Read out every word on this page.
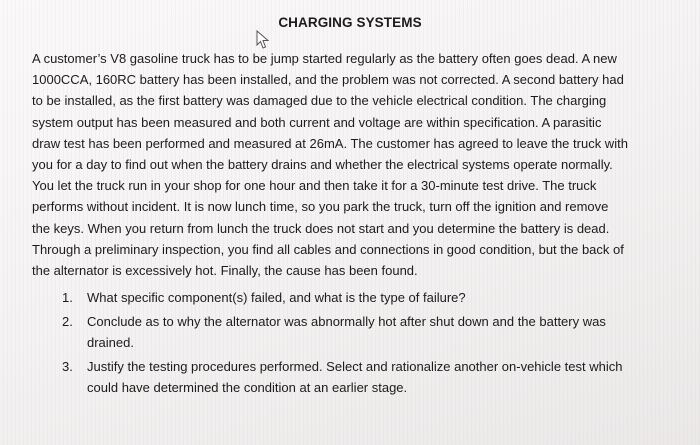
CHARGING SYSTEMS

A customer’s V8 gasoline truck has to be jump started regularly as the battery often goes dead. A new
1000CCA, 160RC battery has been installed, and the problem was not corrected. A second battery had
to be installed, as the first battery was damaged due to the vehicle electrical condition. The charging
system output has been measured and both current and voltage are within specification. A parasitic
draw test has been performed and measured at 26mA. The customer has agreed to leave the truck with
you for a day to find out when the battery drains and whether the electrical systems operate normally.
You let the truck run in your shop for one hour and then take it for a 30-minute test drive. The truck
performs without incident. It is now lunch time, so you park the truck, turn off the ignition and remove
the keys. When you return from lunch the truck does not start and you determine the battery is dead.
Through a preliminary inspection, you find all cables and connections in good condition, but the back of
the alternator is excessively hot. Finally, the cause has been found.

1. What specific component(s) failed, and what is the type of failure?
2. Conclude as to why the alternator was abnormally hot after shut down and the battery was
drained.
3. Justify the testing procedures performed. Select and rationalize another on-vehicle test which
could have determined the condition at an earlier stage.
